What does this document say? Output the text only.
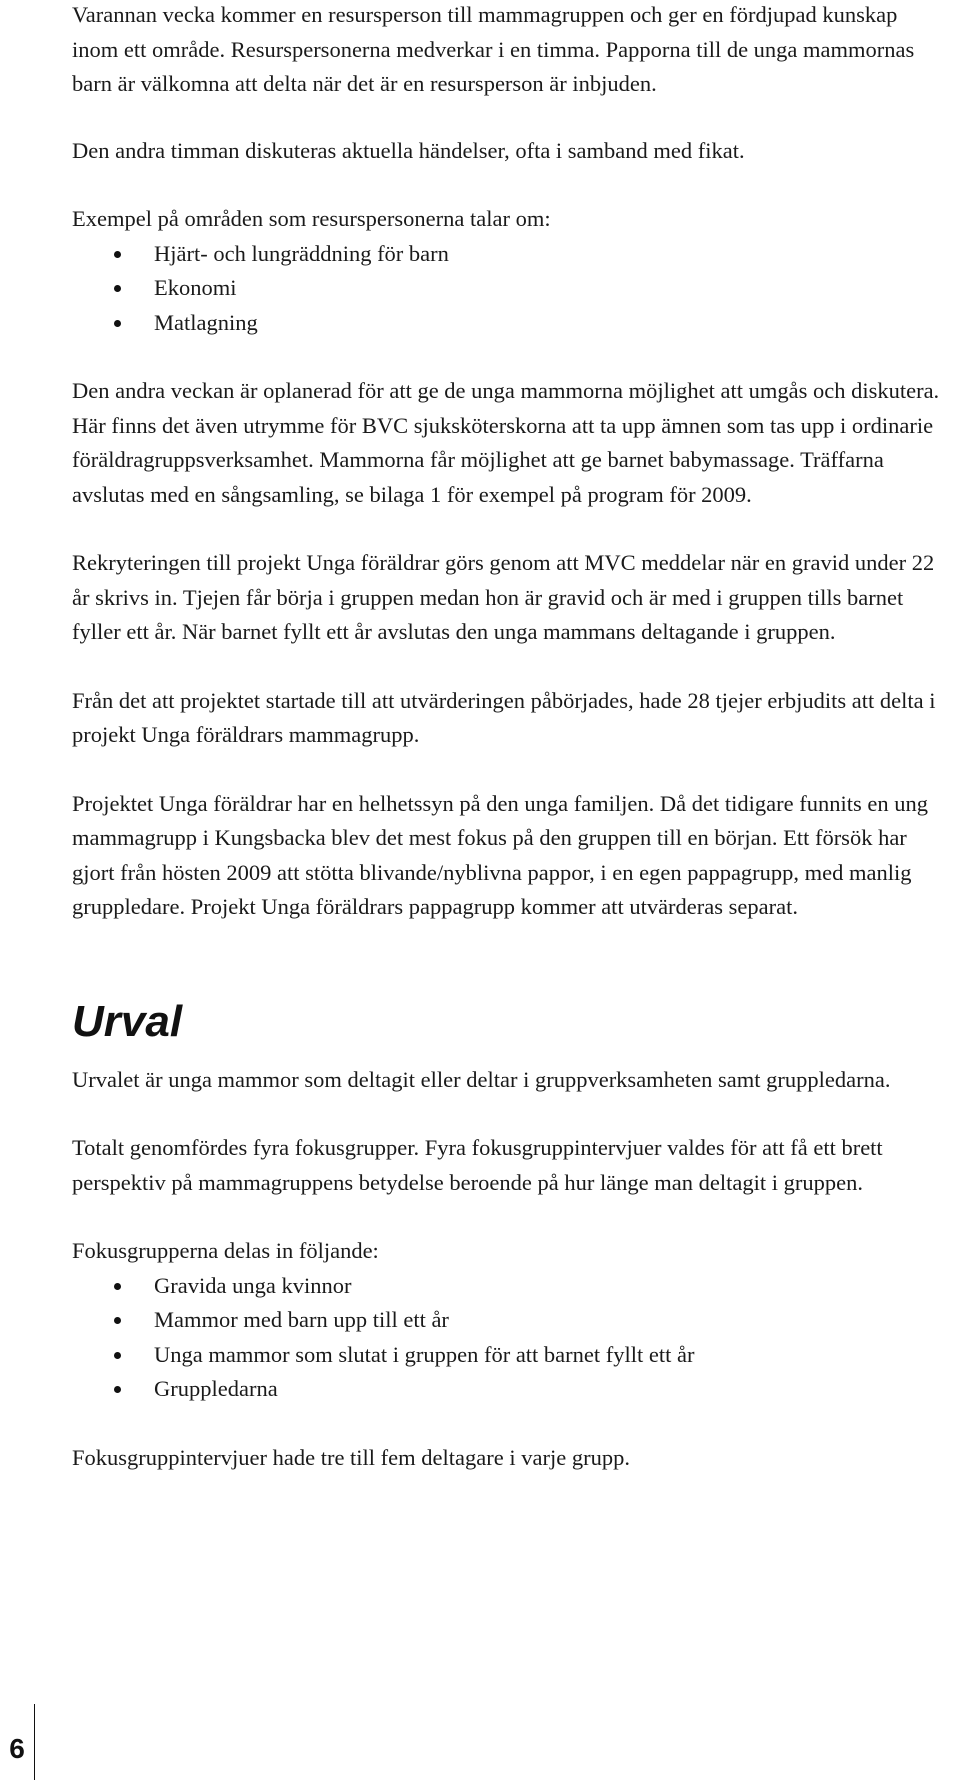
Varannan vecka kommer en resursperson till mammagruppen och ger en fördjupad kunskap inom ett område. Resurspersonerna medverkar i en timma. Papporna till de unga mammornas barn är välkomna att delta när det är en resursperson är inbjuden.

Den andra timman diskuteras aktuella händelser, ofta i samband med fikat.

Exempel på områden som resurspersonerna talar om:

Hjärt- och lungräddning för barn
Ekonomi
Matlagning

Den andra veckan är oplanerad för att ge de unga mammorna möjlighet att umgås och diskutera. Här finns det även utrymme för BVC sjuksköterskorna att ta upp ämnen som tas upp i ordinarie föräldragruppsverksamhet. Mammorna får möjlighet att ge barnet babymassage. Träffarna avslutas med en sångsamling, se bilaga 1 för exempel på program för 2009.

Rekryteringen till projekt Unga föräldrar görs genom att MVC meddelar när en gravid under 22 år skrivs in. Tjejen får börja i gruppen medan hon är gravid och är med i gruppen tills barnet fyller ett år. När barnet fyllt ett år avslutas den unga mammans deltagande i gruppen.

Från det att projektet startade till att utvärderingen påbörjades, hade 28 tjejer erbjudits att delta i projekt Unga föräldrars mammagrupp.

Projektet Unga föräldrar har en helhetssyn på den unga familjen. Då det tidigare funnits en ung mammagrupp i Kungsbacka blev det mest fokus på den gruppen till en början. Ett försök har gjort från hösten 2009 att stötta blivande/nyblivna pappor, i en egen pappagrupp, med manlig gruppledare. Projekt Unga föräldrars pappagrupp kommer att utvärderas separat.

Urval

Urvalet är unga mammor som deltagit eller deltar i gruppverksamheten samt gruppledarna.

Totalt genomfördes fyra fokusgrupper. Fyra fokusgruppintervjuer valdes för att få ett brett perspektiv på mammagruppens betydelse beroende på hur länge man deltagit i gruppen.

Fokusgrupperna delas in följande:

Gravida unga kvinnor
Mammor med barn upp till ett år
Unga mammor som slutat i gruppen för att barnet fyllt ett år
Gruppledarna

Fokusgruppintervjuer hade tre till fem deltagare i varje grupp.

6
